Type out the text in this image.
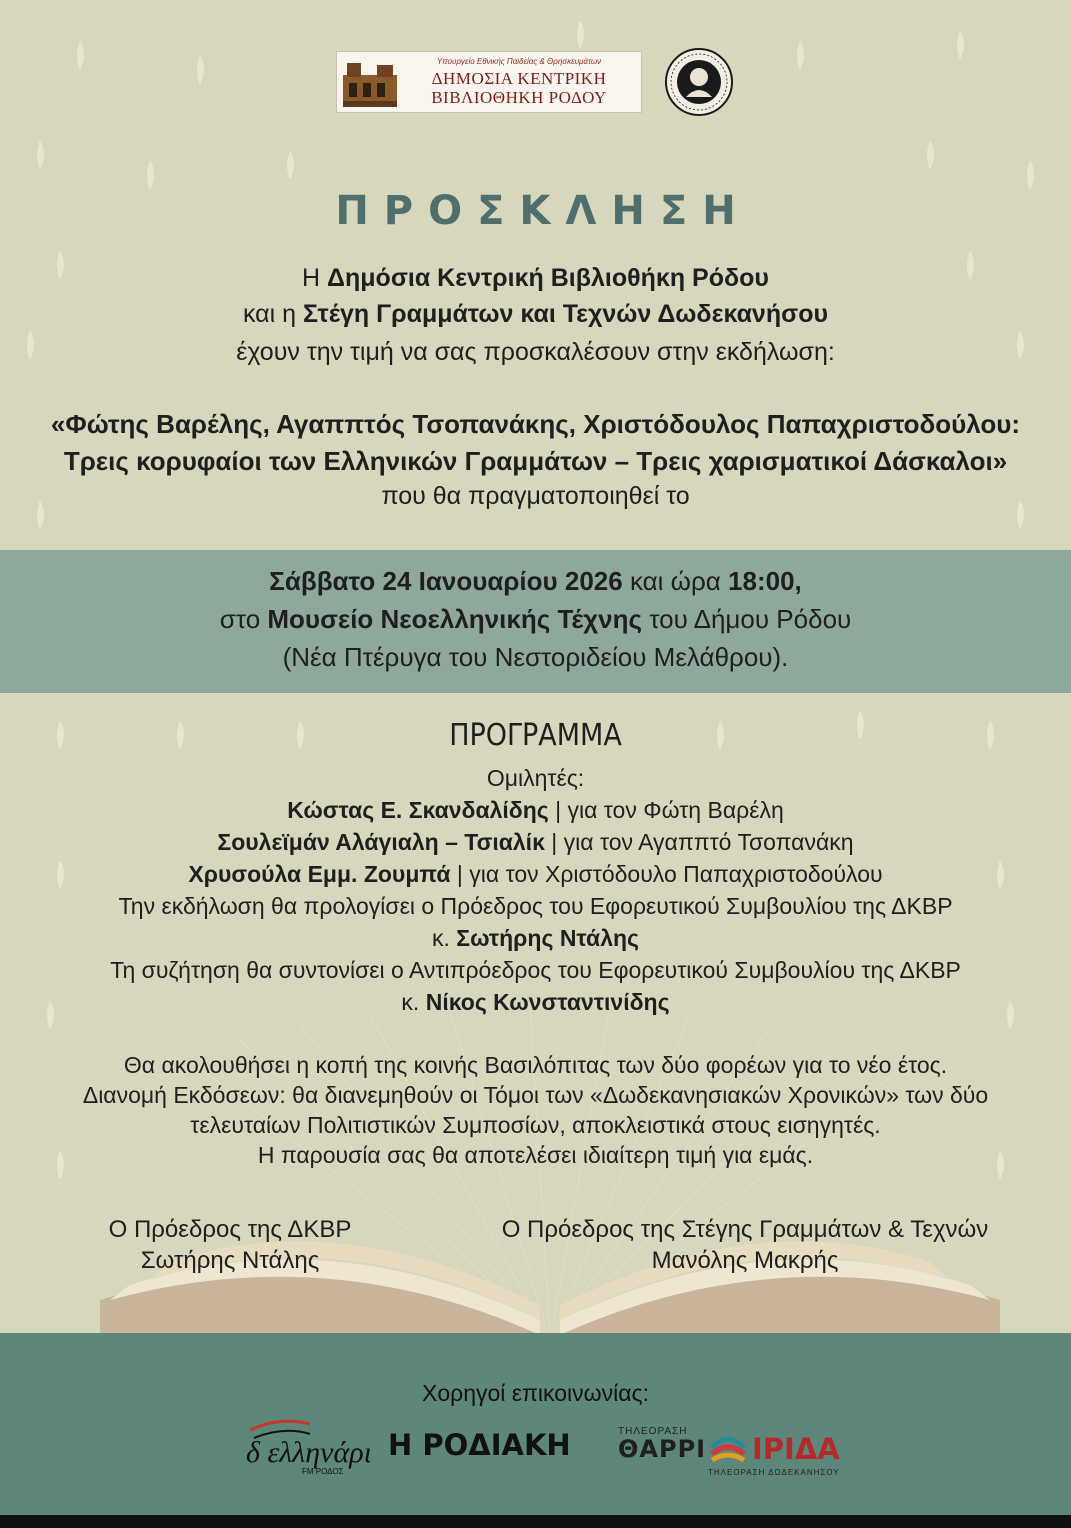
Υπουργείο Εθνικής Παιδείας & Θρησκευμάτων
ΔΗΜΟΣΙΑ ΚΕΝΤΡΙΚΗ
ΒΙΒΛΙΟΘΗΚΗ ΡΟΔΟΥ
ΠΡΟΣΚΛΗΣΗ
Η Δημόσια Κεντρική Βιβλιοθήκη Ρόδου
και η Στέγη Γραμμάτων και Τεχνών Δωδεκανήσου
έχουν την τιμή να σας προσκαλέσουν στην εκδήλωση:
«Φώτης Βαρέλης, Αγαππτός Τσοπανάκης, Χριστόδουλος Παπαχριστοδούλου:
Τρεις κορυφαίοι των Ελληνικών Γραμμάτων – Τρεις χαρισματικοί Δάσκαλοι»
που θα πραγματοποιηθεί το
Σάββατο 24 Ιανουαρίου 2026 και ώρα 18:00,
στο Μουσείο Νεοελληνικής Τέχνης του Δήμου Ρόδου
(Νέα Πτέρυγα του Νεστοριδείου Μελάθρου).
ΠΡΟΓΡΑΜΜΑ
Ομιλητές:
Κώστας Ε. Σκανδαλίδης | για τον Φώτη Βαρέλη
Σουλεϊμάν Αλάγιαλη – Τσιαλίκ | για τον Αγαππτό Τσοπανάκη
Χρυσούλα Εμμ. Ζουμπά | για τον Χριστόδουλο Παπαχριστοδούλου
Την εκδήλωση θα προλογίσει ο Πρόεδρος του Εφορευτικού Συμβουλίου της ΔΚΒΡ
κ. Σωτήρης Ντάλης
Τη συζήτηση θα συντονίσει ο Αντιπρόεδρος του Εφορευτικού Συμβουλίου της ΔΚΒΡ
κ. Νίκος Κωνσταντινίδης
Θα ακολουθήσει η κοπή της κοινής Βασιλόπιτας των δύο φορέων για το νέο έτος.
Διανομή Εκδόσεων: θα διανεμηθούν οι Τόμοι των «Δωδεκανησιακών Χρονικών» των δύο
τελευταίων Πολιτιστικών Συμποσίων, αποκλειστικά στους εισηγητές.
Η παρουσία σας θα αποτελέσει ιδιαίτερη τιμή για εμάς.
Ο Πρόεδρος της ΔΚΒΡ
Σωτήρης Ντάλης
Ο Πρόεδρος της Στέγης Γραμμάτων & Τεχνών
Μανόλης Μακρής
Χορηγοί επικοινωνίας:
δ ελληνάρι
FM ΡΟΔΟΣ
Η ΡΟΔΙΑΚΗ	ΤΗΛΕΟΡΑΣΗ
ΘΑΡΡΙ ΙΡΙΔΑ
ΤΗΛΕΟΡΑΣΗ ΔΩΔΕΚΑΝΗΣΟΥ
